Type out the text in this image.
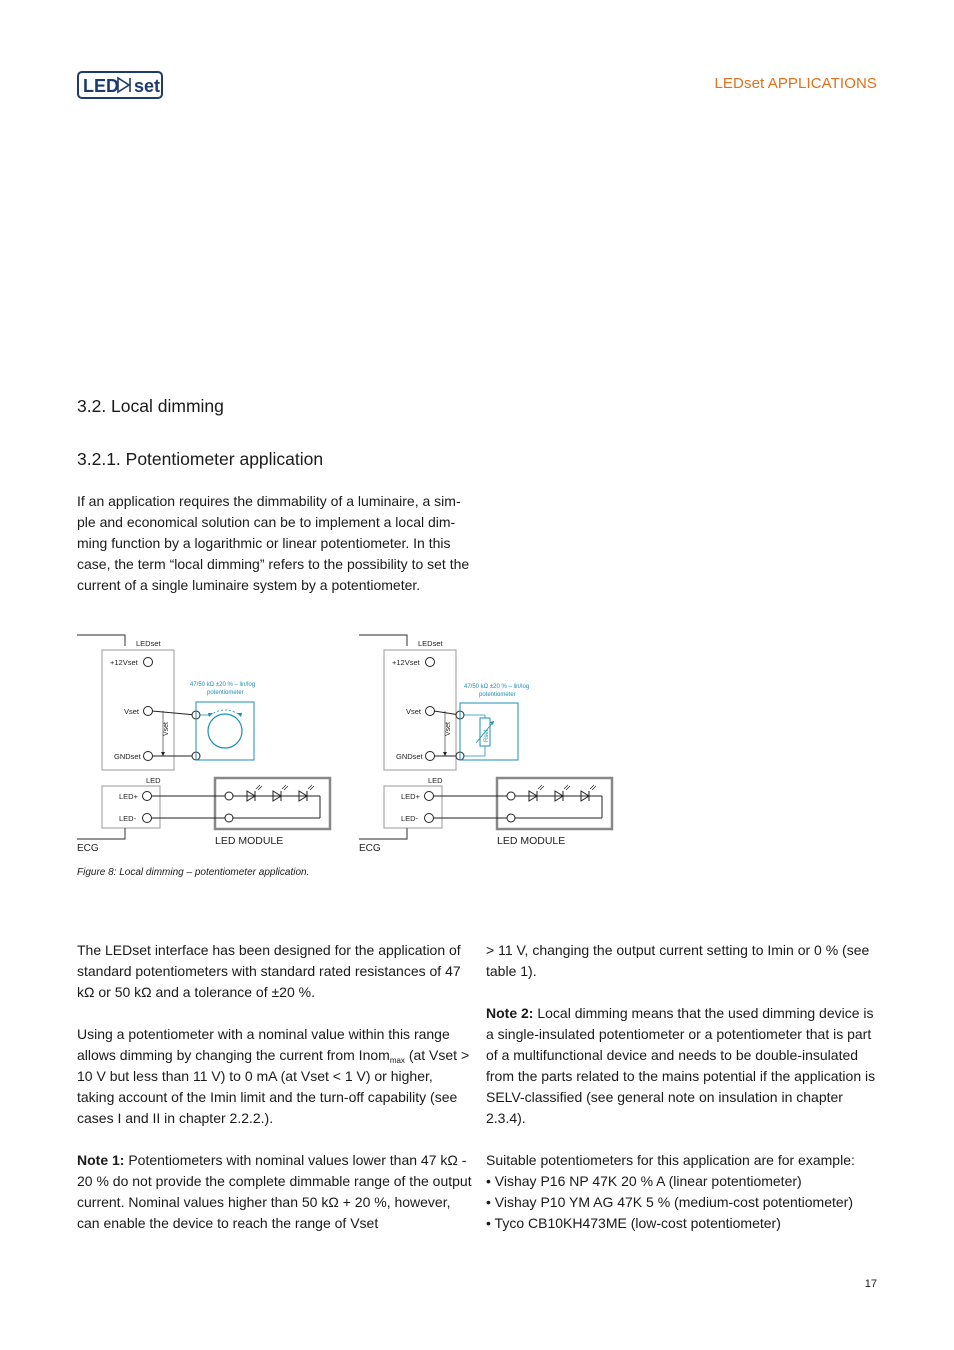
LED set	LEDset APPLICATIONS
3.2. Local dimming
3.2.1. Potentiometer application

If an application requires the dimmability of a luminaire, a sim-ple and economical solution can be to implement a local dim-ming function by a logarithmic or linear potentiometer. In this case, the term “local dimming” refers to the possibility to set the current of a single luminaire system by a potentiometer.

LEDset
+12Vset
Vset
GNDset
Vset
47/50 kΩ ±20 % – lin/log
potentiometer
LED
LED+
LED-
ECG
LED MODULE
LEDset
+12Vset
Vset
GNDset
Vset
47/50 kΩ ±20 % – lin/log
potentiometer
Rset
LED
LED+
LED-
ECG
LED MODULE
Figure 8: Local dimming – potentiometer application.

The LEDset interface has been designed for the application of standard potentiometers with standard rated resistances of 47 kΩ or 50 kΩ and a tolerance of ±20 %.

Using a potentiometer with a nominal value within this range allows dimming by changing the current from Inom$_{max}$ (at Vset > 10 V but less than 11 V) to 0 mA (at Vset < 1 V) or higher, taking account of the Imin limit and the turn-off capability (see cases I and II in chapter 2.2.2.).

Note 1: Potentiometers with nominal values lower than 47 kΩ - 20 % do not provide the complete dimmable range of the output current. Nominal values higher than 50 kΩ + 20 %, however, can enable the device to reach the range of Vset

> 11 V, changing the output current setting to Imin or 0 % (see table 1).

Note 2: Local dimming means that the used dimming device is a single-insulated potentiometer or a potentiometer that is part of a multifunctional device and needs to be double-insulated from the parts related to the mains potential if the application is SELV-classified (see general note on insulation in chapter 2.3.4).

Suitable potentiometers for this application are for example:

• Vishay P16 NP 47K 20 % A (linear potentiometer)
• Vishay P10 YM AG 47K 5 % (medium-cost potentiometer)
• Tyco CB10KH473ME (low-cost potentiometer)
17
